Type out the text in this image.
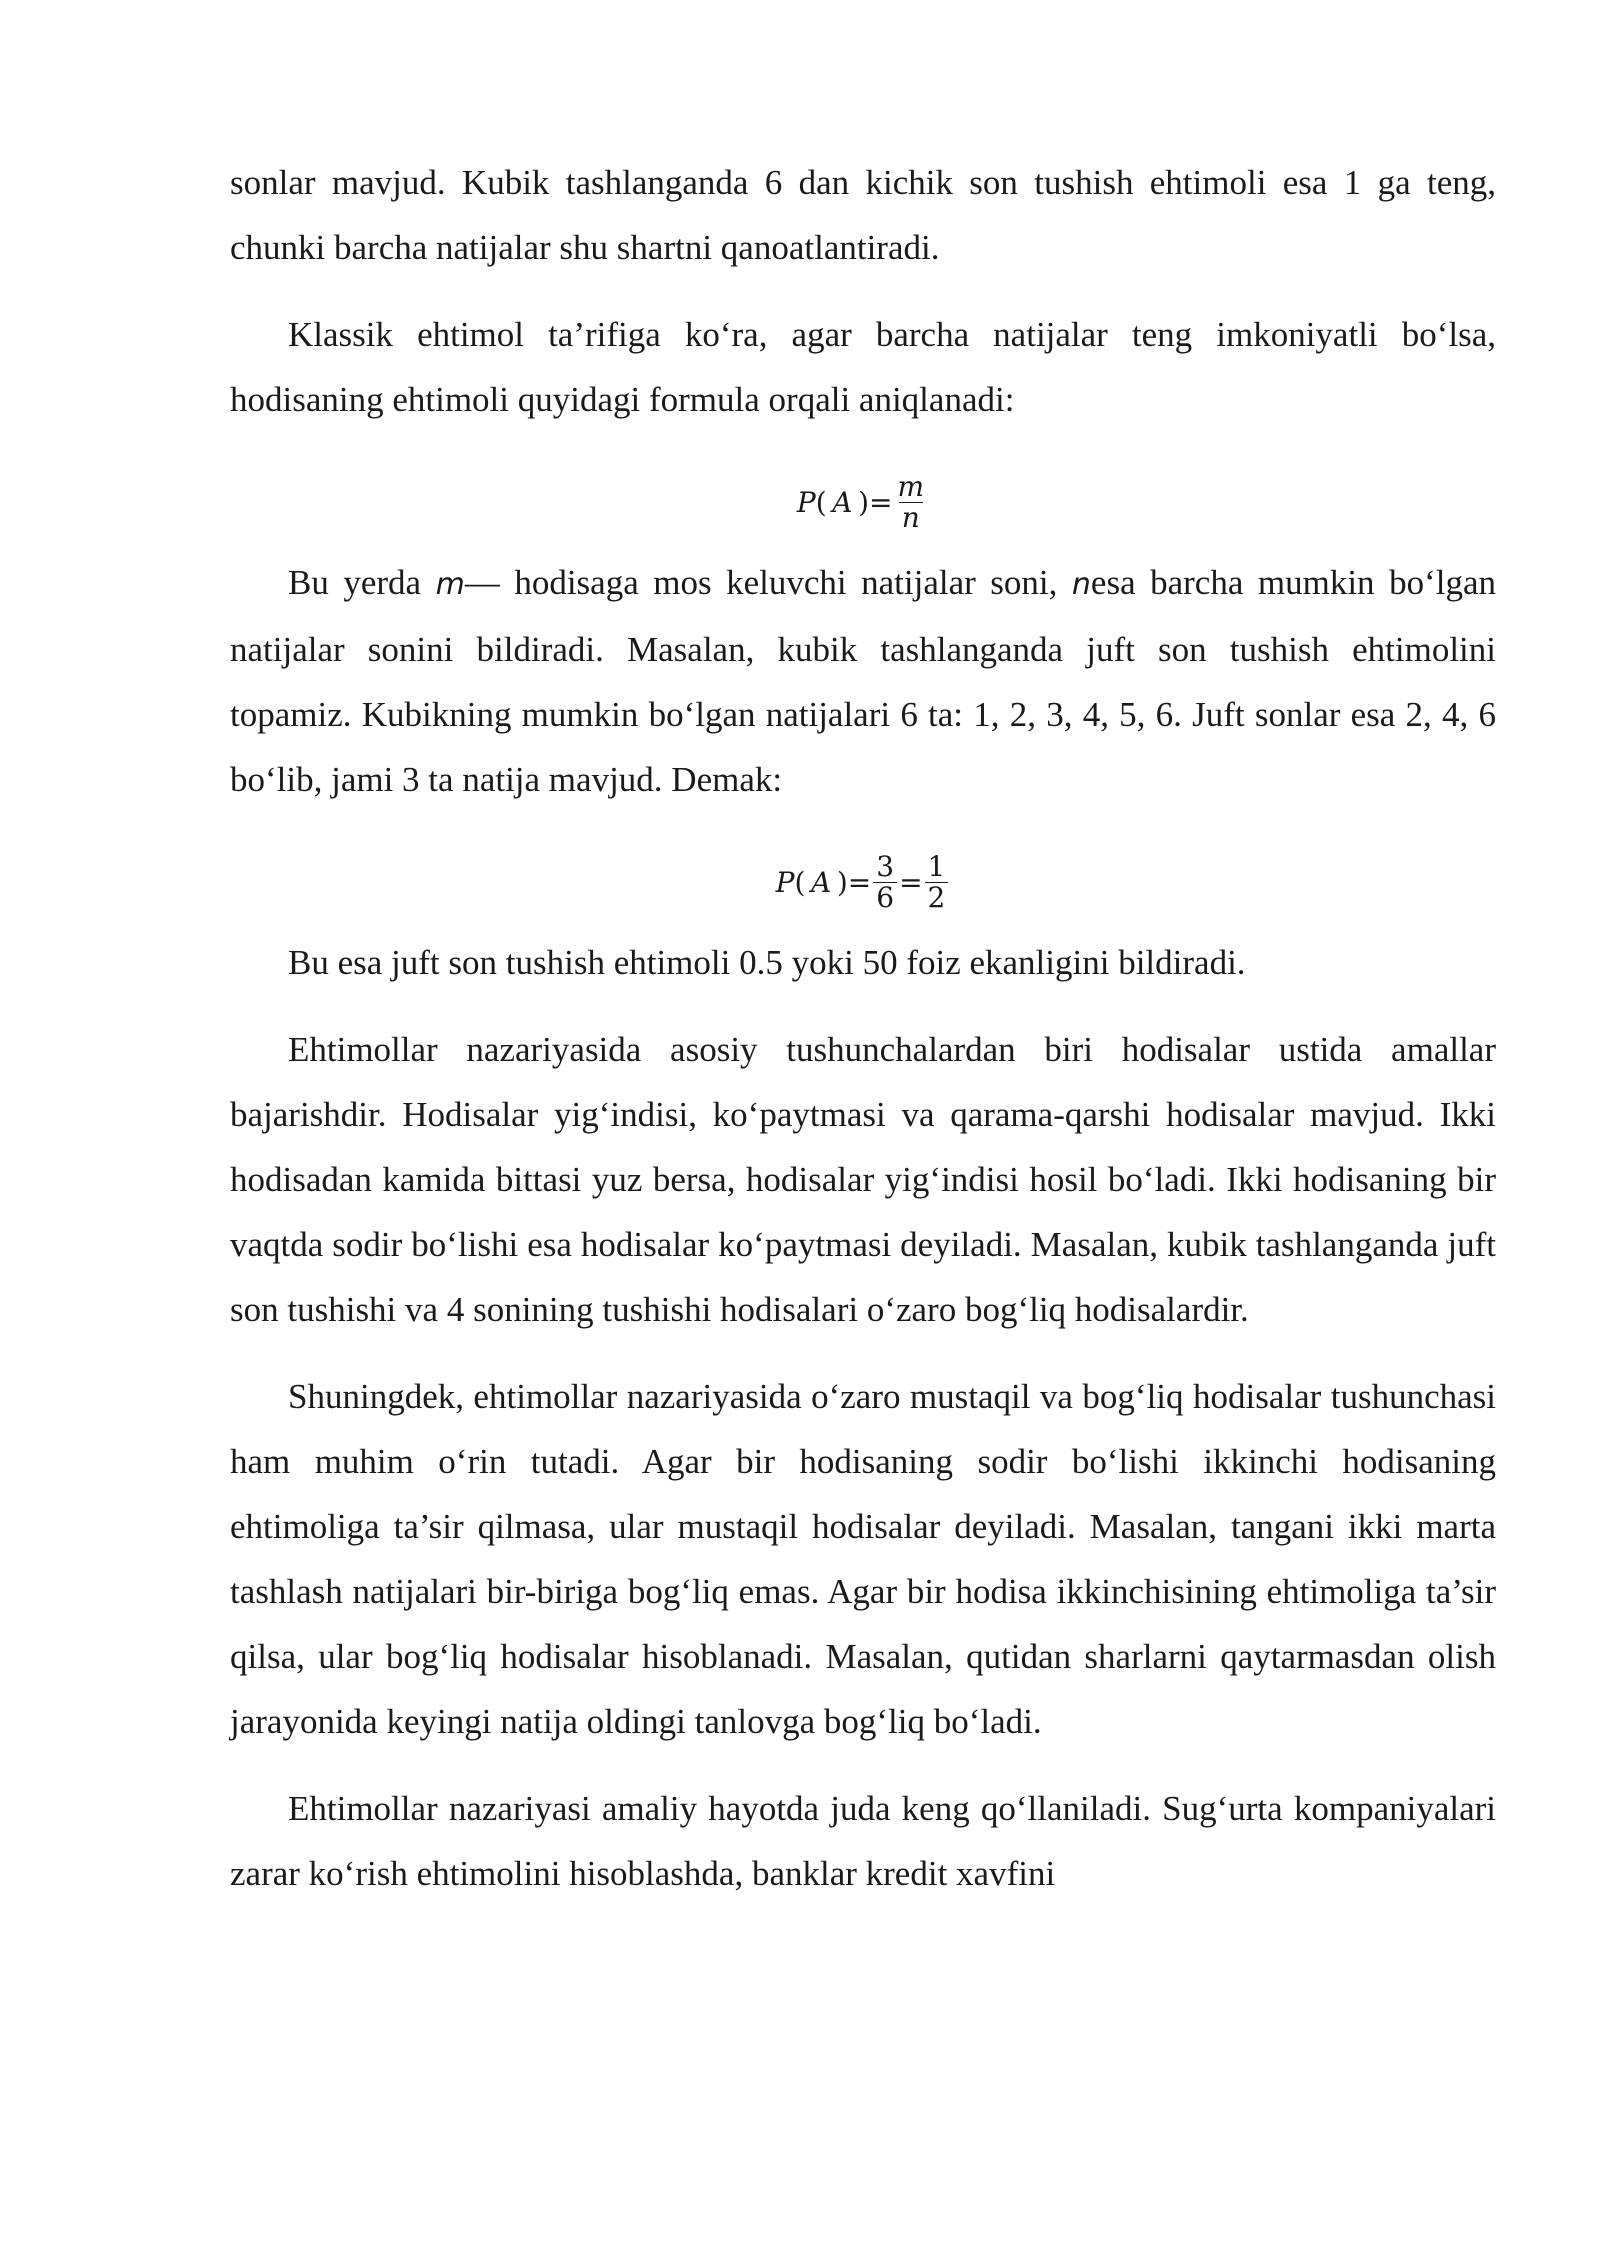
sonlar mavjud. Kubik tashlanganda 6 dan kichik son tushish ehtimoli esa 1 ga teng, chunki barcha natijalar shu shartni qanoatlantiradi.

Klassik ehtimol ta’rifiga ko‘ra, agar barcha natijalar teng imkoniyatli bo‘lsa, hodisaning ehtimoli quyidagi formula orqali aniqlanadi:

P (
  A
  ) = $\frac{m}{n}$

Bu yerda m— hodisaga mos keluvchi natijalar soni, nesa barcha mumkin bo‘lgan natijalar sonini bildiradi. Masalan, kubik tashlanganda juft son tushish ehtimolini topamiz. Kubikning mumkin bo‘lgan natijalari 6 ta: 1, 2, 3, 4, 5, 6. Juft sonlar esa 2, 4, 6 bo‘lib, jami 3 ta natija mavjud. Demak:

P (
  A
  ) = $\frac{3}{6} = \frac{1}{2}$

Bu esa juft son tushish ehtimoli 0.5 yoki 50 foiz ekanligini bildiradi.

Ehtimollar nazariyasida asosiy tushunchalardan biri hodisalar ustida amallar bajarishdir. Hodisalar yig‘indisi, ko‘paytmasi va qarama-qarshi hodisalar mavjud. Ikki hodisadan kamida bittasi yuz bersa, hodisalar yig‘indisi hosil bo‘ladi. Ikki hodisaning bir vaqtda sodir bo‘lishi esa hodisalar ko‘paytmasi deyiladi. Masalan, kubik tashlanganda juft son tushishi va 4 sonining tushishi hodisalari o‘zaro bog‘liq hodisalardir.

Shuningdek, ehtimollar nazariyasida o‘zaro mustaqil va bog‘liq hodisalar tushunchasi ham muhim o‘rin tutadi. Agar bir hodisaning sodir bo‘lishi ikkinchi hodisaning ehtimoliga ta’sir qilmasa, ular mustaqil hodisalar deyiladi. Masalan, tangani ikki marta tashlash natijalari bir-biriga bog‘liq emas. Agar bir hodisa ikkinchisining ehtimoliga ta’sir qilsa, ular bog‘liq hodisalar hisoblanadi. Masalan, qutidan sharlarni qaytarmasdan olish jarayonida keyingi natija oldingi tanlovga bog‘liq bo‘ladi.

Ehtimollar nazariyasi amaliy hayotda juda keng qo‘llaniladi. Sug‘urta kompaniyalari zarar ko‘rish ehtimolini hisoblashda, banklar kredit xavfini
